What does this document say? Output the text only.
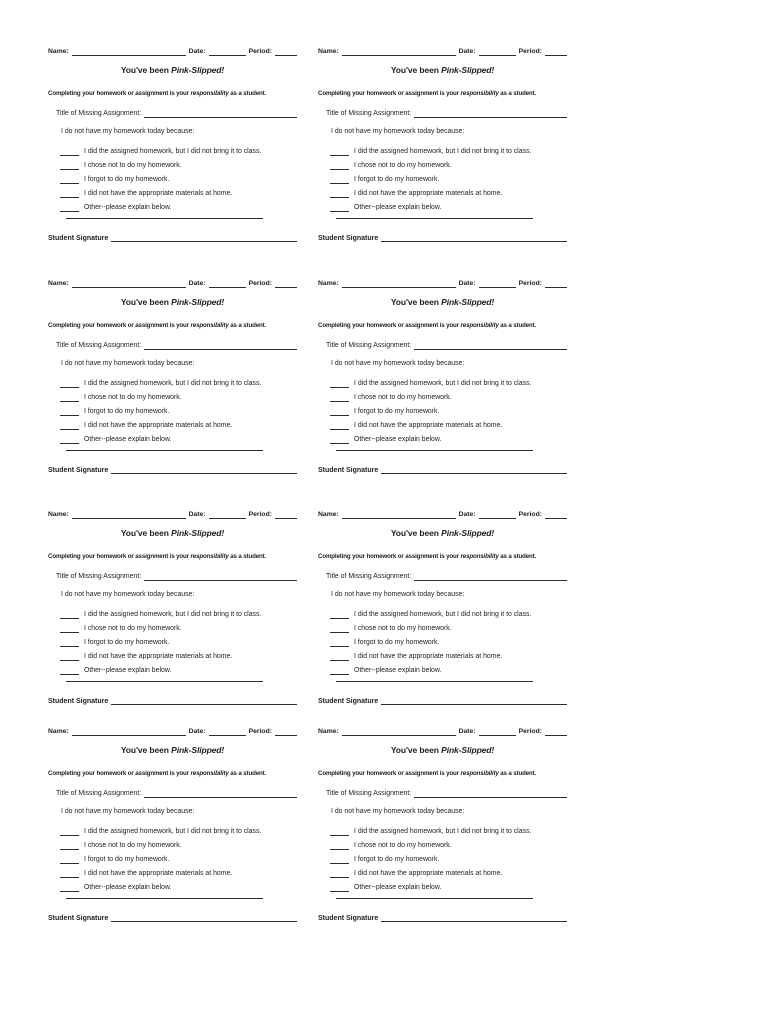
Name:	Date:	Period:
You've been Pink-Slipped!

Completing your homework or assignment is your responsibility as a student.

Title of Missing Assignment:

I do not have my homework today because:

I did the assigned homework, but I did not bring it to class.
I chose not to do my homework.
I forgot to do my homework.
I did not have the appropriate materials at home.
Other--please explain below.
Student Signature
Name:	Date:	Period:
You've been Pink-Slipped!

Completing your homework or assignment is your responsibility as a student.

Title of Missing Assignment:

I do not have my homework today because:

I did the assigned homework, but I did not bring it to class.
I chose not to do my homework.
I forgot to do my homework.
I did not have the appropriate materials at home.
Other--please explain below.
Student Signature
Name:	Date:	Period:
You've been Pink-Slipped!

Completing your homework or assignment is your responsibility as a student.

Title of Missing Assignment:

I do not have my homework today because:

I did the assigned homework, but I did not bring it to class.
I chose not to do my homework.
I forgot to do my homework.
I did not have the appropriate materials at home.
Other--please explain below.
Student Signature
Name:	Date:	Period:
You've been Pink-Slipped!

Completing your homework or assignment is your responsibility as a student.

Title of Missing Assignment:

I do not have my homework today because:

I did the assigned homework, but I did not bring it to class.
I chose not to do my homework.
I forgot to do my homework.
I did not have the appropriate materials at home.
Other--please explain below.
Student Signature
Name:	Date:	Period:
You've been Pink-Slipped!

Completing your homework or assignment is your responsibility as a student.

Title of Missing Assignment:

I do not have my homework today because:

I did the assigned homework, but I did not bring it to class.
I chose not to do my homework.
I forgot to do my homework.
I did not have the appropriate materials at home.
Other--please explain below.
Student Signature
Name:	Date:	Period:
You've been Pink-Slipped!

Completing your homework or assignment is your responsibility as a student.

Title of Missing Assignment:

I do not have my homework today because:

I did the assigned homework, but I did not bring it to class.
I chose not to do my homework.
I forgot to do my homework.
I did not have the appropriate materials at home.
Other--please explain below.
Student Signature
Name:	Date:	Period:
You've been Pink-Slipped!

Completing your homework or assignment is your responsibility as a student.

Title of Missing Assignment:

I do not have my homework today because:

I did the assigned homework, but I did not bring it to class.
I chose not to do my homework.
I forgot to do my homework.
I did not have the appropriate materials at home.
Other--please explain below.
Student Signature
Name:	Date:	Period:
You've been Pink-Slipped!

Completing your homework or assignment is your responsibility as a student.

Title of Missing Assignment:

I do not have my homework today because:

I did the assigned homework, but I did not bring it to class.
I chose not to do my homework.
I forgot to do my homework.
I did not have the appropriate materials at home.
Other--please explain below.
Student Signature
